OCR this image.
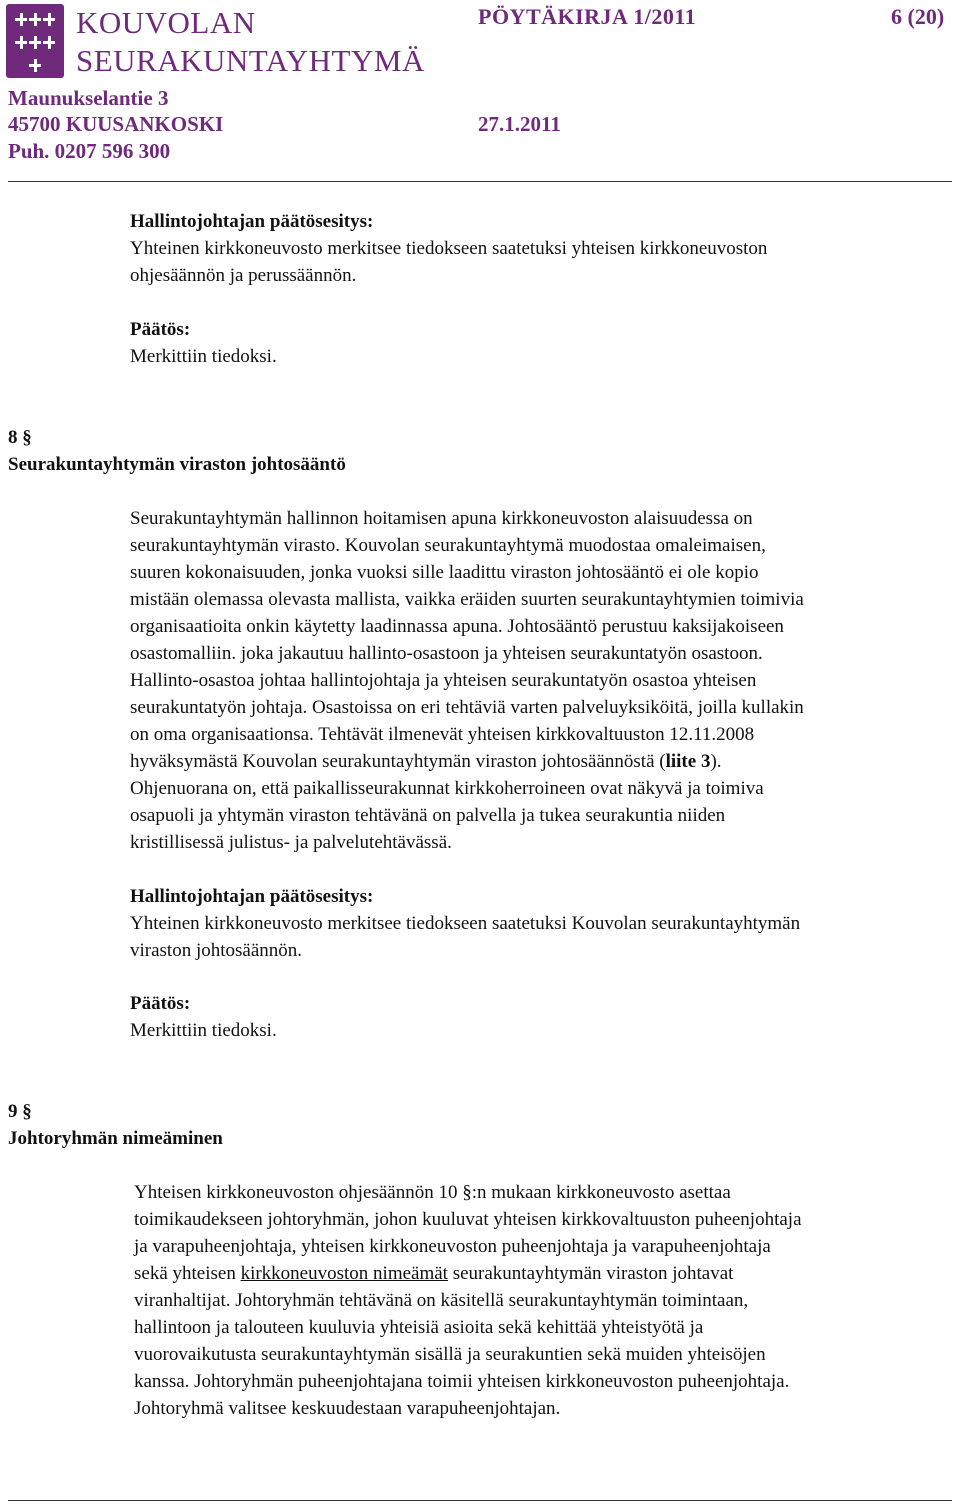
KOUVOLAN
SEURAKUNTAYHTYMÄ
PÖYTÄKIRJA 1/2011	6 (20)
Maunukselantie 3
45700 KUUSANKOSKI	27.1.2011
Puh. 0207 596 300
Hallintojohtajan päätösesitys:
Yhteinen kirkkoneuvosto merkitsee tiedokseen saatetuksi yhteisen kirkkoneuvoston
ohjesäännön ja perussäännön.
Päätös:
Merkittiin tiedoksi.
8 §
Seurakuntayhtymän viraston johtosääntö
Seurakuntayhtymän hallinnon hoitamisen apuna kirkkoneuvoston alaisuudessa on
seurakuntayhtymän virasto. Kouvolan seurakuntayhtymä muodostaa omaleimaisen,
suuren kokonaisuuden, jonka vuoksi sille laadittu viraston johtosääntö ei ole kopio
mistään olemassa olevasta mallista, vaikka eräiden suurten seurakuntayhtymien toimivia
organisaatioita onkin käytetty laadinnassa apuna. Johtosääntö perustuu kaksijakoiseen
osastomalliin. joka jakautuu hallinto-osastoon ja yhteisen seurakuntatyön osastoon.
Hallinto-osastoa johtaa hallintojohtaja ja yhteisen seurakuntatyön osastoa yhteisen
seurakuntatyön johtaja. Osastoissa on eri tehtäviä varten palveluyksiköitä, joilla kullakin
on oma organisaationsa. Tehtävät ilmenevät yhteisen kirkkovaltuuston 12.11.2008
hyväksymästä Kouvolan seurakuntayhtymän viraston johtosäännöstä (liite 3).
Ohjenuorana on, että paikallisseurakunnat kirkkoherroineen ovat näkyvä ja toimiva
osapuoli ja yhtymän viraston tehtävänä on palvella ja tukea seurakuntia niiden
kristillisessä julistus- ja palvelutehtävässä.
Hallintojohtajan päätösesitys:
Yhteinen kirkkoneuvosto merkitsee tiedokseen saatetuksi Kouvolan seurakuntayhtymän
viraston johtosäännön.
Päätös:
Merkittiin tiedoksi.
9 §
Johtoryhmän nimeäminen
Yhteisen kirkkoneuvoston ohjesäännön 10 §:n mukaan kirkkoneuvosto asettaa
toimikaudekseen johtoryhmän, johon kuuluvat yhteisen kirkkovaltuuston puheenjohtaja
ja varapuheenjohtaja, yhteisen kirkkoneuvoston puheenjohtaja ja varapuheenjohtaja
sekä yhteisen kirkkoneuvoston nimeämät seurakuntayhtymän viraston johtavat
viranhaltijat. Johtoryhmän tehtävänä on käsitellä seurakuntayhtymän toimintaan,
hallintoon ja talouteen kuuluvia yhteisiä asioita sekä kehittää yhteistyötä ja
vuorovaikutusta seurakuntayhtymän sisällä ja seurakuntien sekä muiden yhteisöjen
kanssa. Johtoryhmän puheenjohtajana toimii yhteisen kirkkoneuvoston puheenjohtaja.
Johtoryhmä valitsee keskuudestaan varapuheenjohtajan.
